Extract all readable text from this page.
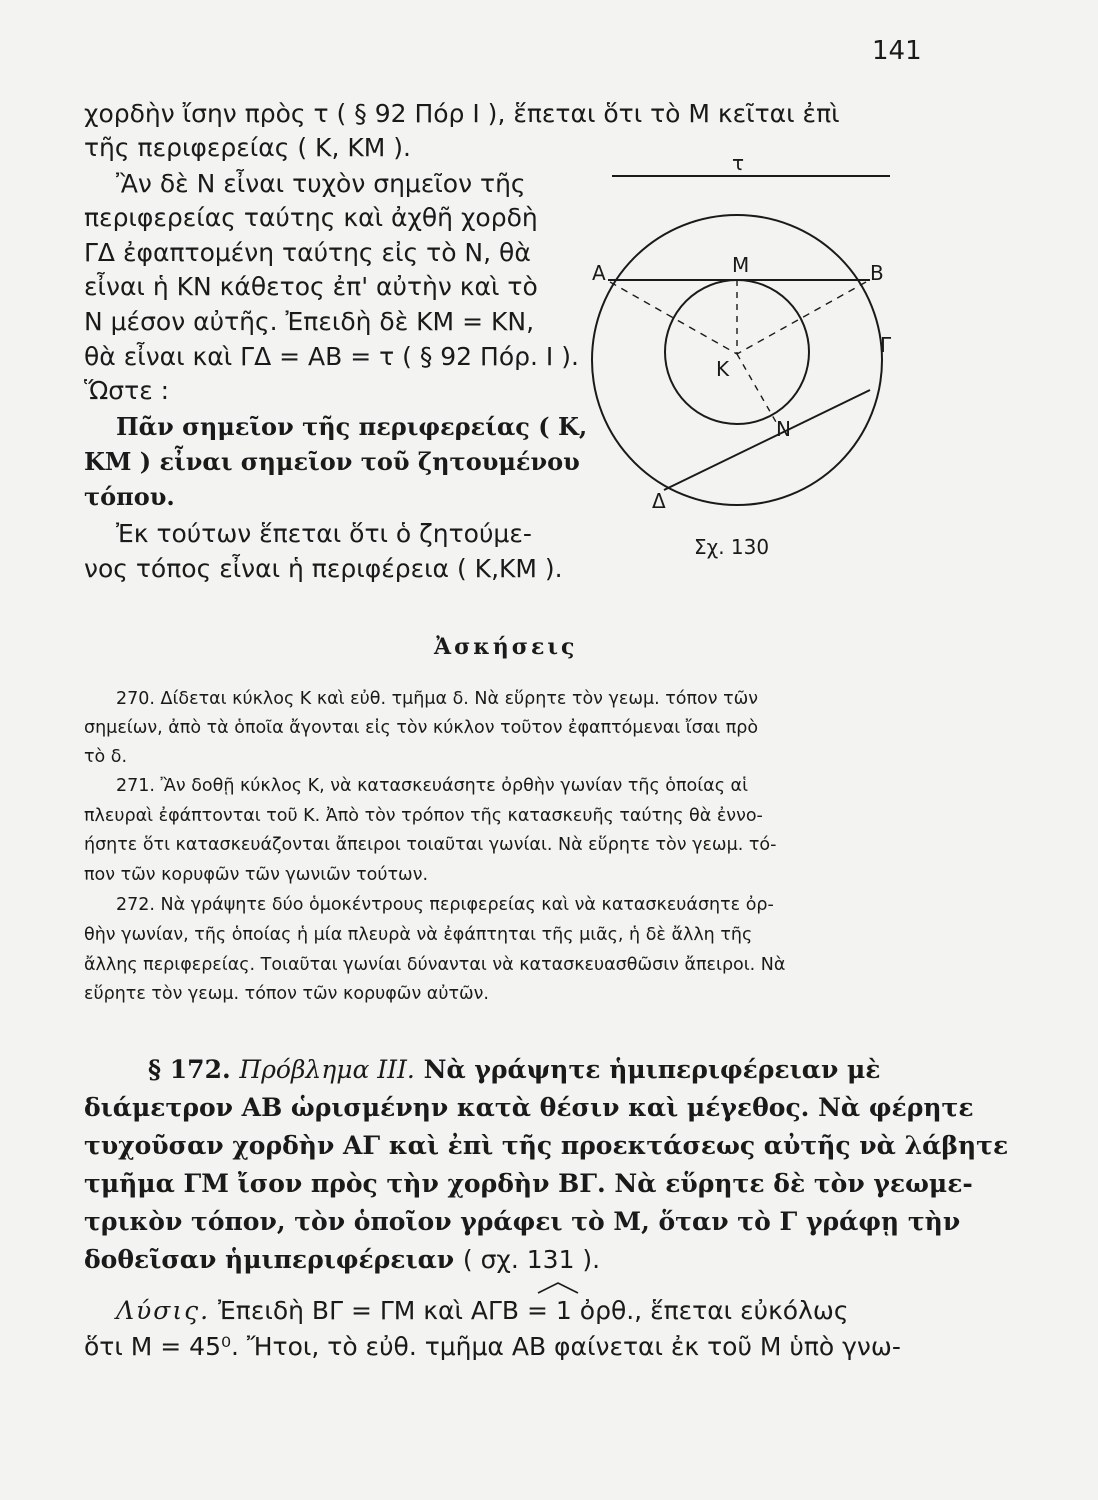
141
χορδὴν ἴσην πρὸς τ ( § 92 Πόρ Ι ), ἕπεται ὅτι τὸ Μ κεῖται ἐπὶ
τῆς περιφερείας ( Κ, ΚΜ ).
Ἂν δὲ Ν εἶναι τυχὸν σημεῖον τῆς
περιφερείας ταύτης καὶ ἀχθῆ χορδὴ
ΓΔ ἐφαπτομένη ταύτης εἰς τὸ Ν, θὰ
εἶναι ἡ ΚΝ κάθετος ἐπ' αὐτὴν καὶ τὸ
Ν μέσον αὐτῆς. Ἐπειδὴ δὲ ΚΜ = ΚΝ,
θὰ εἶναι καὶ ΓΔ = ΑΒ = τ ( § 92 Πόρ. Ι ).
Ὥστε :
Πᾶν σημεῖον τῆς περιφερείας ( Κ,
ΚΜ ) εἶναι σημεῖον τοῦ ζητουμένου
τόπου.
Ἐκ τούτων ἕπεται ὅτι ὁ ζητούμε-
νος τόπος εἶναι ἡ περιφέρεια ( Κ,ΚΜ ).
τ
Α	Β
Μ
Κ
Γ
Ν
Δ
Σχ. 130
Ἀσκήσεις
270. Δίδεται κύκλος Κ καὶ εὐθ. τμῆμα δ. Νὰ εὕρητε τὸν γεωμ. τόπον τῶν
σημείων, ἀπὸ τὰ ὁποῖα ἄγονται εἰς τὸν κύκλον τοῦτον ἐφαπτόμεναι ἴσαι πρὸ
τὸ δ.
271. Ἂν δοθῇ κύκλος Κ, νὰ κατασκευάσητε ὀρθὴν γωνίαν τῆς ὁποίας αἱ
πλευραὶ ἐφάπτονται τοῦ Κ. Ἀπὸ τὸν τρόπον τῆς κατασκευῆς ταύτης θὰ ἐννο-
ήσητε ὅτι κατασκευάζονται ἄπειροι τοιαῦται γωνίαι. Νὰ εὕρητε τὸν γεωμ. τό-
πον τῶν κορυφῶν τῶν γωνιῶν τούτων.
272. Νὰ γράψητε δύο ὁμοκέντρους περιφερείας καὶ νὰ κατασκευάσητε ὀρ-
θὴν γωνίαν, τῆς ὁποίας ἡ μία πλευρὰ νὰ ἐφάπτηται τῆς μιᾶς, ἡ δὲ ἄλλη τῆς
ἄλλης περιφερείας. Τοιαῦται γωνίαι δύνανται νὰ κατασκευασθῶσιν ἄπειροι. Νὰ
εὕρητε τὸν γεωμ. τόπον τῶν κορυφῶν αὐτῶν.
§ 172. Πρόβλημα ΙΙΙ. Νὰ γράψητε ἡμιπεριφέρειαν μὲ
διάμετρον ΑΒ ὡρισμένην κατὰ θέσιν καὶ μέγεθος. Νὰ φέρητε
τυχοῦσαν χορδὴν ΑΓ καὶ ἐπὶ τῆς προεκτάσεως αὐτῆς νὰ λάβητε
τμῆμα ΓΜ ἴσον πρὸς τὴν χορδὴν ΒΓ. Νὰ εὕρητε δὲ τὸν γεωμε-
τρικὸν τόπον, τὸν ὁποῖον γράφει τὸ Μ, ὅταν τὸ Γ γράφῃ τὴν
δοθεῖσαν ἡμιπεριφέρειαν ( σχ. 131 ).
Λύσις. Ἐπειδὴ ΒΓ = ΓΜ καὶ ΑΓΒ = 1 ὀρθ., ἕπεται εὐκόλως
ὅτι Μ = 45⁰. Ἤτοι, τὸ εὐθ. τμῆμα ΑΒ φαίνεται ἐκ τοῦ Μ ὑπὸ γνω-
